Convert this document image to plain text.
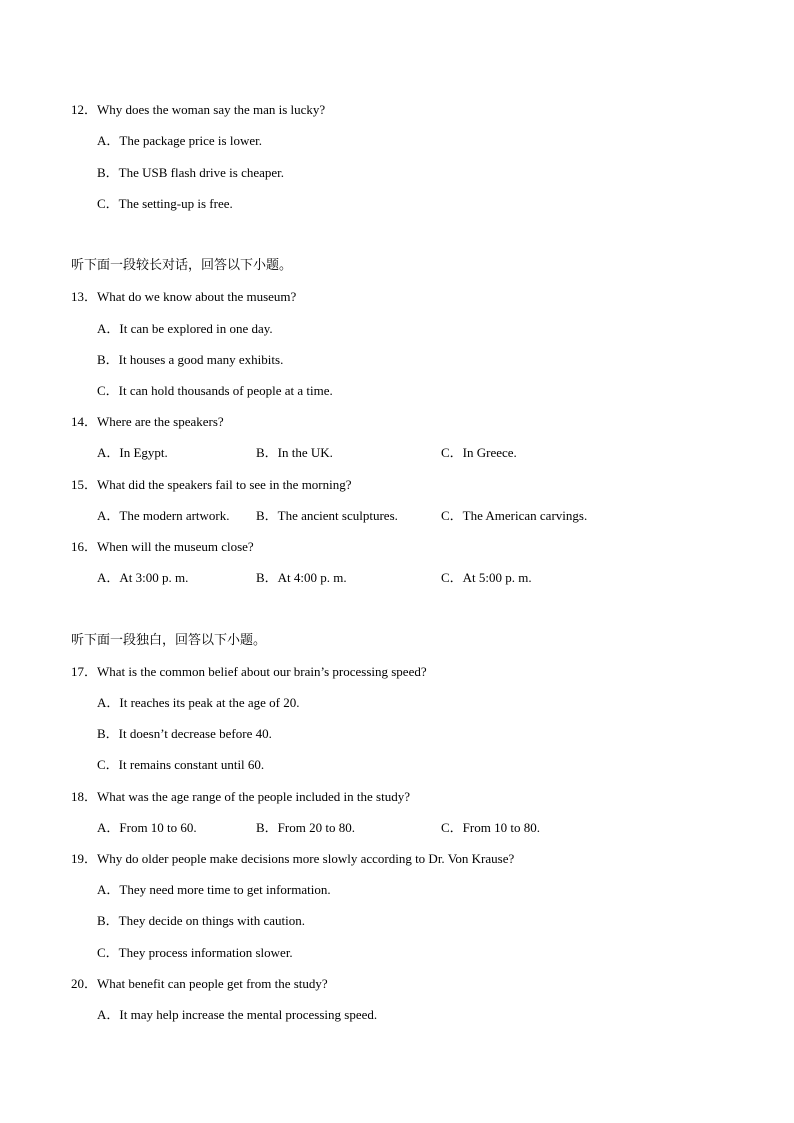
12．Why does the woman say the man is lucky?
A．The package price is lower.
B．The USB flash drive is cheaper.
C．The setting-up is free.
听下面一段较长对话，回答以下小题。
13．What do we know about the museum?
A．It can be explored in one day.
B．It houses a good many exhibits.
C．It can hold thousands of people at a time.
14．Where are the speakers?
A．In Egypt.	B．In the UK.	C．In Greece.
15．What did the speakers fail to see in the morning?
A．The modern artwork. B．The ancient sculptures.	C．The American carvings.
16．When will the museum close?
A．At 3:00 p. m.	B．At 4:00 p. m.	C．At 5:00 p. m.
听下面一段独白，回答以下小题。
17．What is the common belief about our brain’s processing speed?
A．It reaches its peak at the age of 20.
B．It doesn’t decrease before 40.
C．It remains constant until 60.
18．What was the age range of the people included in the study?
A．From 10 to 60.	B．From 20 to 80.	C．From 10 to 80.
19．Why do older people make decisions more slowly according to Dr. Von Krause?
A．They need more time to get information.
B．They decide on things with caution.
C．They process information slower.
20．What benefit can people get from the study?
A．It may help increase the mental processing speed.
